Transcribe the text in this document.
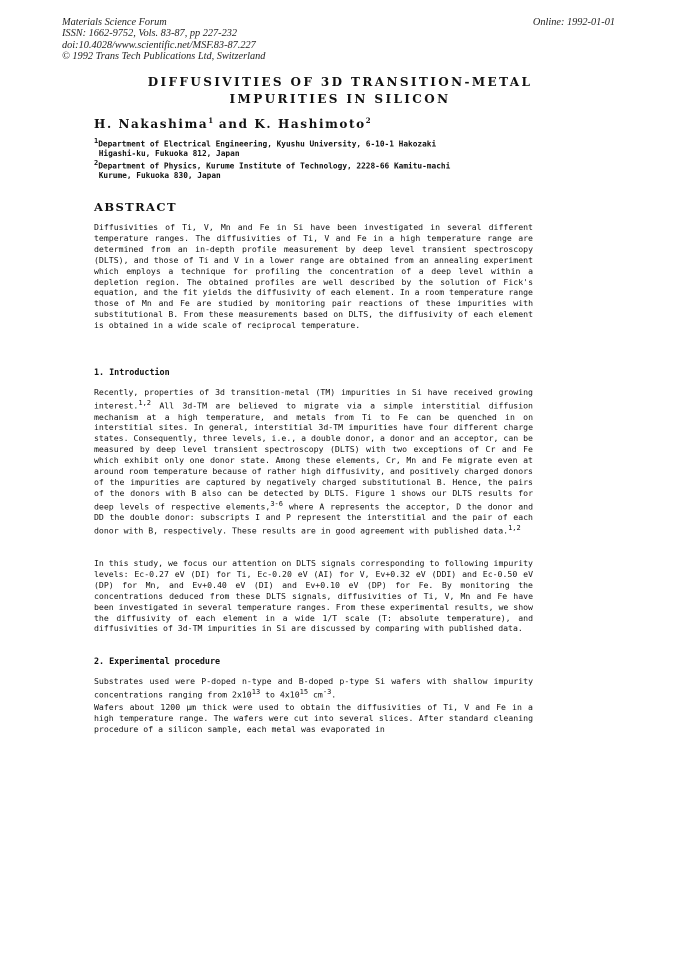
Materials Science Forum
ISSN: 1662-9752, Vols. 83-87, pp 227-232
doi:10.4028/www.scientific.net/MSF.83-87.227
© 1992 Trans Tech Publications Ltd, Switzerland
Online: 1992-01-01
DIFFUSIVITIES OF 3D TRANSITION-METAL
IMPURITIES IN SILICON
H. Nakashima$^1$ and K. Hashimoto$^2$
$^1$Department of Electrical Engineering, Kyushu University, 6-10-1 Hakozaki
Higashi-ku, Fukuoka 812, Japan
$^2$Department of Physics, Kurume Institute of Technology, 2228-66 Kamitu-machi
Kurume, Fukuoka 830, Japan
ABSTRACT
Diffusivities of Ti, V, Mn and Fe in Si have been investigated in several different temperature ranges. The diffusivities of Ti, V and Fe in a high temperature range are determined from an in-depth profile measurement by deep level transient spectroscopy (DLTS), and those of Ti and V in a lower range are obtained from an annealing experiment which employs a technique for profiling the concentration of a deep level within a depletion region. The obtained profiles are well described by the solution of Fick's equation, and the fit yields the diffusivity of each element. In a room temperature range those of Mn and Fe are studied by monitoring pair reactions of these impurities with substitutional B. From these measurements based on DLTS, the diffusivity of each element is obtained in a wide scale of reciprocal temperature.
1. Introduction
Recently, properties of 3d transition-metal (TM) impurities in Si have received growing interest.$^{1,2}$ All 3d-TM are believed to migrate via a simple interstitial diffusion mechanism at a high temperature, and metals from Ti to Fe can be quenched in on interstitial sites. In general, interstitial 3d-TM impurities have four different charge states. Consequently, three levels, i.e., a double donor, a donor and an acceptor, can be measured by deep level transient spectroscopy (DLTS) with two exceptions of Cr and Fe which exhibit only one donor state. Among these elements, Cr, Mn and Fe migrate even at around room temperature because of rather high diffusivity, and positively charged donors of the impurities are captured by negatively charged substitutional B. Hence, the pairs of the donors with B also can be detected by DLTS. Figure 1 shows our DLTS results for deep levels of respective elements,$^{3-6}$ where A represents the acceptor, D the donor and DD the double donor: subscripts I and P represent the interstitial and the pair of each donor with B, respectively. These results are in good agreement with published data.$^{1,2}$
In this study, we focus our attention on DLTS signals corresponding to following impurity levels: Ec-0.27 eV (DI) for Ti, Ec-0.20 eV (AI) for V, Ev+0.32 eV (DDI) and Ec-0.50 eV (DP) for Mn, and Ev+0.40 eV (DI) and Ev+0.10 eV (DP) for Fe. By monitoring the concentrations deduced from these DLTS signals, diffusivities of Ti, V, Mn and Fe have been investigated in several temperature ranges. From these experimental results, we show the diffusivity of each element in a wide 1/T scale (T: absolute temperature), and diffusivities of 3d-TM impurities in Si are discussed by comparing with published data.
2. Experimental procedure
Substrates used were P-doped n-type and B-doped p-type Si wafers with shallow impurity concentrations ranging from $2x10^{13}$ to $4x10^{15}$ $cm^{-3}$.
Wafers about 1200 μm thick were used to obtain the diffusivities of Ti, V and Fe in a high temperature range. The wafers were cut into several slices. After standard cleaning procedure of a silicon sample, each metal was evaporated in
